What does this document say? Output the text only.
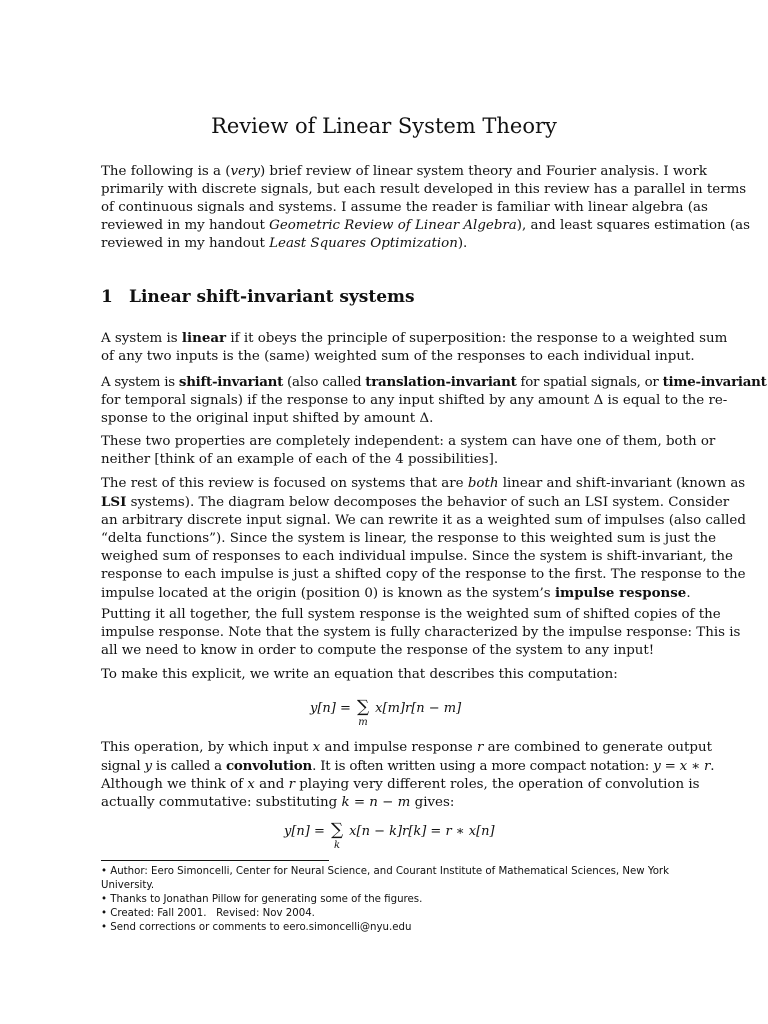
Review of Linear System Theory
The following is a (very) brief review of linear system theory and Fourier analysis. I work
primarily with discrete signals, but each result developed in this review has a parallel in terms
of continuous signals and systems. I assume the reader is familiar with linear algebra (as
reviewed in my handout Geometric Review of Linear Algebra), and least squares estimation (as
reviewed in my handout Least Squares Optimization).
1 Linear shift-invariant systems
A system is linear if it obeys the principle of superposition: the response to a weighted sum
of any two inputs is the (same) weighted sum of the responses to each individual input.
A system is shift-invariant (also called translation-invariant for spatial signals, or time-invariant
for temporal signals) if the response to any input shifted by any amount Δ is equal to the re-
sponse to the original input shifted by amount Δ.
These two properties are completely independent: a system can have one of them, both or
neither [think of an example of each of the 4 possibilities].
The rest of this review is focused on systems that are both linear and shift-invariant (known as
LSI systems). The diagram below decomposes the behavior of such an LSI system. Consider
an arbitrary discrete input signal. We can rewrite it as a weighted sum of impulses (also called
“delta functions”). Since the system is linear, the response to this weighted sum is just the
weighed sum of responses to each individual impulse. Since the system is shift-invariant, the
response to each impulse is just a shifted copy of the response to the first. The response to the
impulse located at the origin (position 0) is known as the system’s impulse response.
Putting it all together, the full system response is the weighted sum of shifted copies of the
impulse response. Note that the system is fully characterized by the impulse response: This is
all we need to know in order to compute the response of the system to any input!
To make this explicit, we write an equation that describes this computation:
y[n] = ∑
m
x[m]r[n − m]
This operation, by which input x and impulse response r are combined to generate output
signal y is called a convolution. It is often written using a more compact notation: y = x ∗ r.
Although we think of x and r playing very different roles, the operation of convolution is
actually commutative: substituting k = n − m gives:
y[n] = ∑
k
x[n − k]r[k] = r ∗ x[n]
• Author: Eero Simoncelli, Center for Neural Science, and Courant Institute of Mathematical Sciences, New York
University.
• Thanks to Jonathan Pillow for generating some of the figures.
• Created: Fall 2001.   Revised: Nov 2004.
• Send corrections or comments to eero.simoncelli@nyu.edu
